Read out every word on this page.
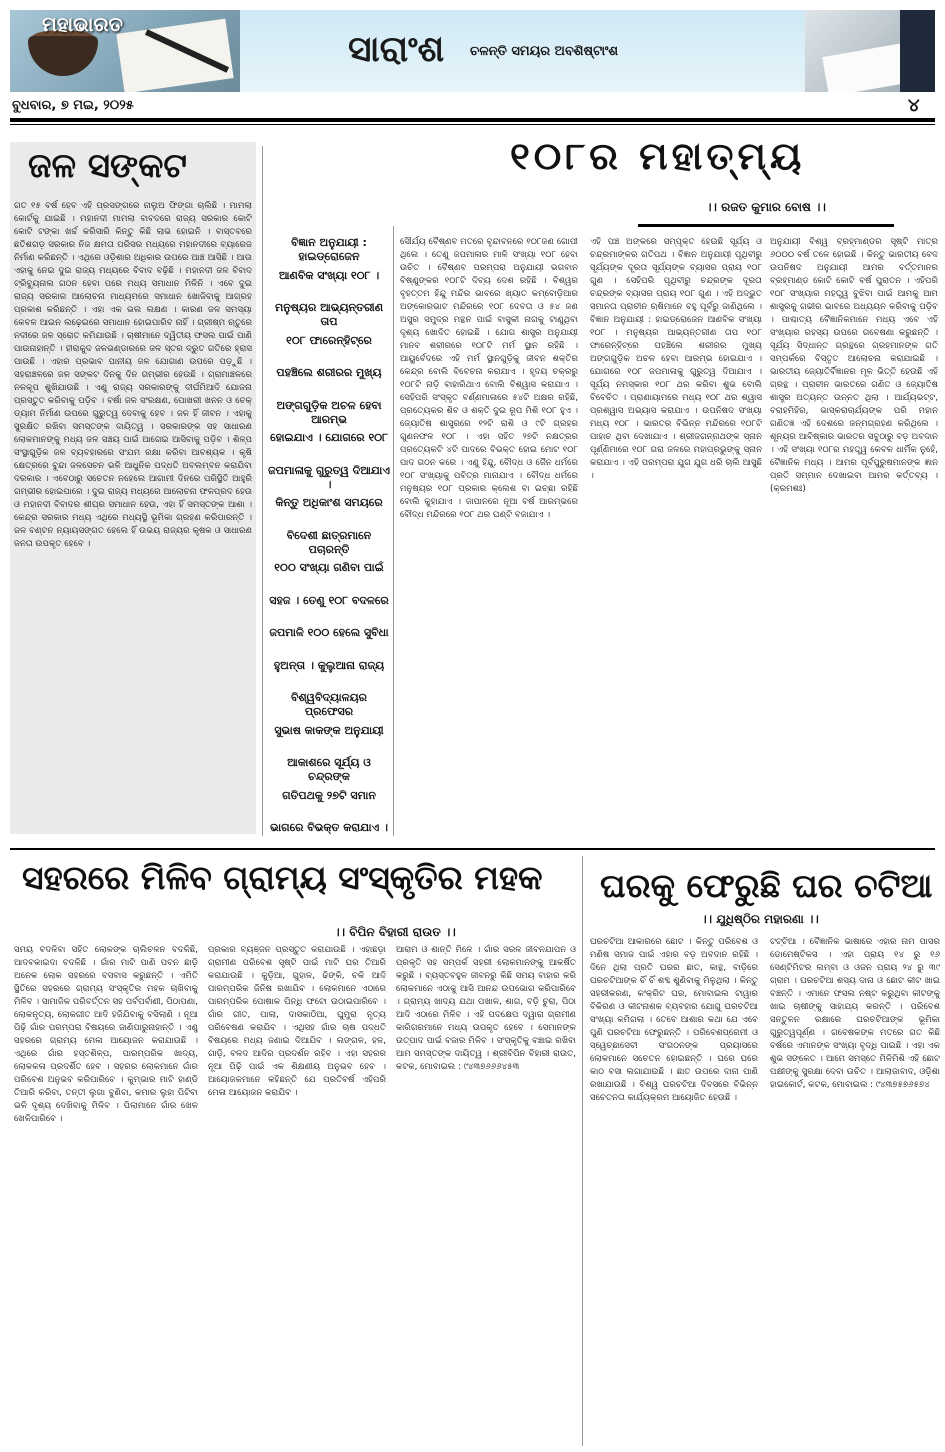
ମହାଭାରତ
ସାରାଂଶ ଚଳନ୍ତି ସମୟର ଅବଶିଷ୍ଟାଂଶ
ବୁଧବାର, ୭ ମଇ, ୨୦୨୫	୪
ଜଳ ସଙ୍କଟ
ଗତ ୧୫ ବର୍ଷ ହେବ ଏହି ପ୍ରସଙ୍ଗରେ ନାଲୁଅ ଫିଙ୍ଗା ଚାଲିଛି । ମାମଲା କୋର୍ଟକୁ ଯାଇଛି । ମହାନଦୀ ମାମଲା ବାବଦରେ ରାଜ୍ୟ ସରକାର କୋଟି କୋଟି ଟଙ୍କା ଖର୍ଚ୍ଚ କରିସାରି କିନ୍ତୁ କିଛି ଲାଭ ହୋଇନି । ବାସ୍ତବରେ ଛତିଶଗଡ଼ ସରକାର ନିଜ କ୍ଷମତା ପରିସର ମଧ୍ୟରେ ମହାନଦୀରେ ବ୍ୟାରେଜ ନିର୍ମାଣ କରିଛନ୍ତି । ଏଥିରେ ଓଡ଼ିଶାର ଅଧିକାର ଉପରେ ଆଞ୍ଚ ଆସିଛି । ଆଉ ଏହାକୁ ନେଇ ଦୁଇ ରାଜ୍ୟ ମଧ୍ୟରେ ବିବାଦ ବଢ଼ିଛି । ମହାନଦୀ ଜଳ ବିବାଦ ଟ୍ରିବ୍ୟୁନାଲ ଗଠନ ହେବା ପରେ ମଧ୍ୟ ସମାଧାନ ମିଳିନି । ଏବେ ଦୁଇ ରାଜ୍ୟ ସରକାର ଆଲୋଚନା ମାଧ୍ୟମରେ ସମାଧାନ ଖୋଜିବାକୁ ଆଗ୍ରହ ପ୍ରକାଶ କରିଛନ୍ତି । ଏହା ଏକ ଭଲ ଲକ୍ଷଣ । କାରଣ ଜଳ ସମସ୍ୟା କେବଳ ଆଇନ ଲଢ଼େଇରେ ସମାଧାନ ହୋଇପାରିବ ନାହିଁ । ଗ୍ରୀଷ୍ମ ଋତୁରେ ନଦୀରେ ଜଳ ସ୍ରୋତ କମିଯାଉଛି । ଚାଷୀମାନେ ଦ୍ୱିତୀୟ ଫସଲ ପାଇଁ ପାଣି ପାଉନାହାନ୍ତି । ହୀରାକୁଦ ଜଳଭଣ୍ଡାରରେ ଜଳ ସ୍ତର ଦ୍ରୁତ ଗତିରେ ହ୍ରାସ ପାଉଛି । ଏହାର ପ୍ରଭାବ ପାନୀୟ ଜଳ ଯୋଗାଣ ଉପରେ ପଡ଼ୁଛି । ସହରାଞ୍ଚଳରେ ଜଳ ସଙ୍କଟ ଦିନକୁ ଦିନ ଗମ୍ଭୀର ହେଉଛି । ଗ୍ରାମାଞ୍ଚଳରେ ନଳକୂପ ଶୁଖିଯାଉଛି । ଏଣୁ ରାଜ୍ୟ ସରକାରଙ୍କୁ ଦୀର୍ଘମିଆଦି ଯୋଜନା ପ୍ରସ୍ତୁତ କରିବାକୁ ପଡ଼ିବ । ବର୍ଷା ଜଳ ସଂରକ୍ଷଣ, ପୋଖରୀ ଖନନ ଓ ଚେକ୍ ଡ୍ୟାମ ନିର୍ମାଣ ଉପରେ ଗୁରୁତ୍ୱ ଦେବାକୁ ହେବ । ଜଳ ହିଁ ଜୀବନ । ଏହାକୁ ସୁରକ୍ଷିତ ରଖିବା ସମସ୍ତଙ୍କ ଦାୟିତ୍ୱ । ସରକାରଙ୍କ ସହ ସାଧାରଣ ଲୋକମାନଙ୍କୁ ମଧ୍ୟ ଜଳ ସଞ୍ଚୟ ପାଇଁ ଆଗେଇ ଆସିବାକୁ ପଡ଼ିବ । ଶିଳ୍ପ ସଂସ୍ଥାଗୁଡ଼ିକ ଜଳ ବ୍ୟବହାରରେ ସଂଯମ ରକ୍ଷା କରିବା ଆବଶ୍ୟକ । କୃଷି କ୍ଷେତ୍ରରେ ବୁନ୍ଦା ଜଳସେଚନ ଭଳି ଆଧୁନିକ ପଦ୍ଧତି ଅବଲମ୍ବନ କରାଯିବା ଦରକାର । ଏବେଠାରୁ ସଚେତନ ନହେଲେ ଆଗାମୀ ଦିନରେ ପରିସ୍ଥିତି ଆହୁରି ଗମ୍ଭୀର ହୋଇପାରେ । ଦୁଇ ରାଜ୍ୟ ମଧ୍ୟରେ ଆଲୋଚନା ଫଳପ୍ରଦ ହେଉ ଓ ମହାନଦୀ ବିବାଦର ଶୀଘ୍ର ସମାଧାନ ହେଉ, ଏହା ହିଁ ସମସ୍ତଙ୍କ ଆଶା । କେନ୍ଦ୍ର ସରକାର ମଧ୍ୟ ଏଥିରେ ମଧ୍ୟସ୍ଥି ଭୂମିକା ଗ୍ରହଣ କରିପାରନ୍ତି । ଜଳ ବଣ୍ଟନ ନ୍ୟାୟସଙ୍ଗତ ହେଲେ ହିଁ ଉଭୟ ରାଜ୍ୟର କୃଷକ ଓ ସାଧାରଣ ଜନତା ଉପକୃତ ହେବେ ।
୧୦୮ର ମହାତ୍ମ୍ୟ
।। ରଜତ କୁମାର ବୋଷ ।।
ବିଜ୍ଞାନ ଅନୁଯାୟୀ : ହାଇଡ୍ରୋଜେନ
ଆଣବିକ ସଂଖ୍ୟା ୧୦୮ ।
ମନୁଷ୍ୟର ଆଭ୍ୟନ୍ତରୀଣ ତାପ
୧୦୮ ଫାରେନ୍‌ହିଟ୍‌ରେ
ପହଞ୍ଚିଲେ ଶରୀରର ମୁଖ୍ୟ
ଅଙ୍ଗଗୁଡ଼ିକ ଅଚଳ ହେବା ଆରମ୍ଭ
ହୋଇଯାଏ । ଯୋଗରେ ୧୦୮
ଜପମାଳାକୁ ଗୁରୁତ୍ୱ ଦିଆଯାଏ ।
କିନ୍ତୁ ଅଧିକାଂଶ ସମୟରେ
ବିଦେଶୀ ଛାତ୍ରମାନେ ପଚାରନ୍ତି
୧୦୦ ସଂଖ୍ୟା ଗଣିବା ପାଇଁ
ସହଜ । ତେଣୁ ୧୦୮ ବଦଳରେ
ଜପମାଳି ୧୦୦ ହେଲେ ସୁବିଧା
ହୁଅନ୍ତା । କୁଲୁଆନା ରାଜ୍ୟ
ବିଶ୍ୱବିଦ୍ୟାଳୟର ପ୍ରଫେସର
ସୁଭାଷ କାକଙ୍କ ଅନୁଯାୟୀ
ଆକାଶରେ ସୂର୍ଯ୍ୟ ଓ ଚନ୍ଦ୍ରଙ୍କ
ଗତିପଥକୁ ୨୭ଟି ସମାନ
ଭାଗରେ ବିଭକ୍ତ କରାଯାଏ ।
ସୌର୍ଯ୍ୟ ବୈଷ୍ଣବ ମତରେ ବୃନ୍ଦାବନରେ ୧୦୮ଜଣ ଗୋପୀ ଥିଲେ । ତେଣୁ ଜପମାଳାର ମାଳି ସଂଖ୍ୟା ୧୦୮ ହେବା ଉଚିତ । ବୈଷ୍ଣବ ପରମ୍ପରା ଅନୁଯାୟୀ ଭଗବାନ ବିଷ୍ଣୁଙ୍କର ୧୦୮ଟି ଦିବ୍ୟ ଦେଶ ରହିଛି । ବିଶ୍ୱର ବୃହତ୍ତମ ହିନ୍ଦୁ ମନ୍ଦିର ଭାବରେ ଖ୍ୟାତ କମ୍ବୋଡ଼ିଆର ଅଙ୍କୋରଭାଟ ମନ୍ଦିରରେ ୧୦୮ ଦେବତା ଓ ୫୪ ଜଣ ଅସୁର ସମୁଦ୍ର ମନ୍ଥନ ପାଇଁ ବାସୁକୀ ନାଗକୁ ଟାଣୁଥିବା ଦୃଶ୍ୟ ଖୋଦିତ ହୋଇଛି । ଯୋଗ ଶାସ୍ତ୍ର ଅନୁଯାୟୀ ମାନବ ଶରୀରରେ ୧୦୮ଟି ମର୍ମ ସ୍ଥାନ ରହିଛି । ଆୟୁର୍ବେଦରେ ଏହି ମର୍ମ ସ୍ଥାନଗୁଡ଼ିକୁ ଜୀବନ ଶକ୍ତିର କେନ୍ଦ୍ର ବୋଲି ବିବେଚନା କରାଯାଏ । ହୃଦୟ ଚକ୍ରରୁ ୧୦୮ଟି ନାଡ଼ି ବାହାରିଥାଏ ବୋଲି ବିଶ୍ୱାସ କରାଯାଏ । ସେହିପରି ସଂସ୍କୃତ ବର୍ଣ୍ଣମାଳାରେ ୫୪ଟି ଅକ୍ଷର ରହିଛି, ପ୍ରତ୍ୟେକର ଶିବ ଓ ଶକ୍ତି ଦୁଇ ରୂପ ମିଶି ୧୦୮ ହୁଏ । ଜ୍ୟୋତିଷ ଶାସ୍ତ୍ରରେ ୧୨ଟି ରାଶି ଓ ୯ଟି ଗ୍ରହର ଗୁଣନଫଳ ୧୦୮ । ଏହା ସହିତ ୨୭ଟି ନକ୍ଷତ୍ରର ପ୍ରତ୍ୟେକଟି ୪ଟି ପାଦରେ ବିଭକ୍ତ ହୋଇ ମୋଟ ୧୦୮ ପାଦ ଗଠନ କରେ । ଏଣୁ ହିନ୍ଦୁ, ବୌଦ୍ଧ ଓ ଜୈନ ଧର୍ମରେ ୧୦୮ ସଂଖ୍ୟାକୁ ପବିତ୍ର ମାନାଯାଏ । ବୌଦ୍ଧ ଧର୍ମରେ ମନୁଷ୍ୟର ୧୦୮ ପ୍ରକାର କ୍ଲେଶ ବା ଇଚ୍ଛା ରହିଛି ବୋଲି କୁହାଯାଏ । ଜାପାନରେ ନୂଆ ବର୍ଷ ଆରମ୍ଭରେ ବୌଦ୍ଧ ମନ୍ଦିରରେ ୧୦୮ ଥର ଘଣ୍ଟି ବଜାଯାଏ ।
ଏହି ପଞ୍ଚ ଅଙ୍କରେ ସମ୍ପୃକ୍ତ ହେଉଛି ସୂର୍ଯ୍ୟ ଓ ଚନ୍ଦ୍ରମାଙ୍କର ଗତିପଥ । ବିଜ୍ଞାନ ଅନୁଯାୟୀ ପୃଥିବୀରୁ ସୂର୍ଯ୍ୟଙ୍କ ଦୂରତା ସୂର୍ଯ୍ୟଙ୍କ ବ୍ୟାସର ପ୍ରାୟ ୧୦୮ ଗୁଣ । ସେହିପରି ପୃଥିବୀରୁ ଚନ୍ଦ୍ରଙ୍କ ଦୂରତା ଚନ୍ଦ୍ରଙ୍କ ବ୍ୟାସର ପ୍ରାୟ ୧୦୮ ଗୁଣ । ଏହି ଅଦ୍ଭୁତ ସମାନତା ପ୍ରାଚୀନ ଋଷିମାନେ ବହୁ ପୂର୍ବରୁ ଜାଣିଥିଲେ । ବିଜ୍ଞାନ ଅନୁଯାୟୀ : ହାଇଡ୍ରୋଜେନ ଆଣବିକ ସଂଖ୍ୟା ୧୦୮ । ମନୁଷ୍ୟର ଆଭ୍ୟନ୍ତରୀଣ ତାପ ୧୦୮ ଫାରେନ୍‌ହିଟ୍‌ରେ ପହଞ୍ଚିଲେ ଶରୀରର ମୁଖ୍ୟ ଅଙ୍ଗଗୁଡ଼ିକ ଅଚଳ ହେବା ଆରମ୍ଭ ହୋଇଯାଏ । ଯୋଗରେ ୧୦୮ ଜପମାଳାକୁ ଗୁରୁତ୍ୱ ଦିଆଯାଏ । ସୂର୍ଯ୍ୟ ନମସ୍କାର ୧୦୮ ଥର କରିବା ଶୁଭ ବୋଲି ବିବେଚିତ । ପ୍ରାଣାୟାମରେ ମଧ୍ୟ ୧୦୮ ଥର ଶ୍ୱାସ ପ୍ରଶ୍ୱାସ ଅଭ୍ୟାସ କରାଯାଏ । ଉପନିଷଦ ସଂଖ୍ୟା ମଧ୍ୟ ୧୦୮ । ଭାରତର ବିଭିନ୍ନ ମନ୍ଦିରରେ ୧୦୮ଟି ପାହାଚ ଥିବା ଦେଖାଯାଏ । ଶ୍ରୀଜଗନ୍ନାଥଙ୍କ ସ୍ନାନ ପୂର୍ଣ୍ଣିମାରେ ୧୦୮ ଗରା ଜଳରେ ମହାପ୍ରଭୁଙ୍କୁ ସ୍ନାନ କରାଯାଏ । ଏହି ପରମ୍ପରା ଯୁଗ ଯୁଗ ଧରି ଚାଲି ଆସୁଛି ।
ଅନୁଯାୟୀ ବିଶ୍ୱ ବ୍ରହ୍ମାଣ୍ଡର ସୃଷ୍ଟି ମାତ୍ର ୬୦୦୦ ବର୍ଷ ତଳେ ହୋଇଛି । କିନ୍ତୁ ଭାରତୀୟ ବେଦ ଉପନିଷଦ ଅନୁଯାୟୀ ଆମର ବର୍ତ୍ତମାନର ବ୍ରହ୍ମାଣ୍ଡ କୋଟି କୋଟି ବର୍ଷ ପୁରାତନ । ଏହିପରି ୧୦୮ ସଂଖ୍ୟାର ମହତ୍ତ୍ୱ ବୁଝିବା ପାଇଁ ଆମକୁ ଆମ ଶାସ୍ତ୍ରକୁ ଗଭୀର ଭାବରେ ଅଧ୍ୟୟନ କରିବାକୁ ପଡ଼ିବ । ପାଶ୍ଚାତ୍ୟ ବୈଜ୍ଞାନିକମାନେ ମଧ୍ୟ ଏବେ ଏହି ସଂଖ୍ୟାର ରହସ୍ୟ ଉପରେ ଗବେଷଣା କରୁଛନ୍ତି । ସୂର୍ଯ୍ୟ ସିଦ୍ଧାନ୍ତ ଗ୍ରନ୍ଥରେ ଗ୍ରହମାନଙ୍କ ଗତି ସମ୍ପର୍କରେ ବିସ୍ତୃତ ଆଲୋଚନା କରାଯାଇଛି । ଭାରତୀୟ ଜ୍ୟୋତିର୍ବିଜ୍ଞାନର ମୂଳ ଭିତ୍ତି ହେଉଛି ଏହି ଗ୍ରନ୍ଥ । ପ୍ରାଚୀନ ଭାରତରେ ଗଣିତ ଓ ଜ୍ୟୋତିଷ ଶାସ୍ତ୍ର ଅତ୍ୟନ୍ତ ଉନ୍ନତ ଥିଲା । ଆର୍ଯ୍ୟଭଟ୍ଟ, ବରାହମିହିର, ଭାସ୍କରାଚାର୍ଯ୍ୟଙ୍କ ପରି ମହାନ ଗଣିତଜ୍ଞ ଏହି ଦେଶରେ ଜନ୍ମଗ୍ରହଣ କରିଥିଲେ । ଶୂନ୍ୟର ଆବିଷ୍କାର ଭାରତର ସବୁଠାରୁ ବଡ଼ ଅବଦାନ । ଏହି ସଂଖ୍ୟା ୧୦୮ର ମହତ୍ତ୍ୱ କେବଳ ଧାର୍ମିକ ନୁହେଁ, ବୈଜ୍ଞାନିକ ମଧ୍ୟ । ଆମର ପୂର୍ବପୁରୁଷମାନଙ୍କ ଜ୍ଞାନ ପ୍ରତି ସମ୍ମାନ ଦେଖାଇବା ଆମର କର୍ତ୍ତବ୍ୟ । (କ୍ରମଶଃ)
ସହରରେ ମିଳିବ ଗ୍ରାମ୍ୟ ସଂସ୍କୃତିର ମହକ
।। ବିପିନ ବିହାରୀ ରାଉତ ।।
ସମୟ ବଦଳିବା ସହିତ ଲୋକଙ୍କ ଚାଲିଚଳନ ବଦଳିଛି, ଆଦବକାଇଦା ବଦଳିଛି । ଗାଁର ମାଟି ପାଣି ପବନ ଛାଡ଼ି ଅନେକ ଲୋକ ସହରରେ ବସବାସ କରୁଛନ୍ତି । ଏମିତି ସ୍ଥିତିରେ ସହରରେ ଗ୍ରାମ୍ୟ ସଂସ୍କୃତିର ମହକ ଚାଖିବାକୁ ମିଳିବ । ସାମାଜିକ ପରିବର୍ତ୍ତନ ସହ ପର୍ବପର୍ବାଣୀ, ପିଠାପଣା, ଲୋକନୃତ୍ୟ, ଲୋକଗୀତ ଆଦି ହଜିଯିବାକୁ ବସିଲାଣି । ନୂଆ ପିଢ଼ି ଗାଁର ପରମ୍ପରା ବିଷୟରେ ଜାଣିପାରୁନାହାନ୍ତି । ଏଣୁ ସହରରେ ଗ୍ରାମ୍ୟ ମେଳା ଆୟୋଜନ କରାଯାଉଛି । ଏଥିରେ ଗାଁର ହସ୍ତଶିଳ୍ପ, ପାରମ୍ପରିକ ଖାଦ୍ୟ, ଲୋକକଳା ପ୍ରଦର୍ଶିତ ହେବ । ସହରର ଲୋକମାନେ ଗାଁର ପରିବେଶ ଅନୁଭବ କରିପାରିବେ । କୁମ୍ଭାର ମାଟି ହାଣ୍ଡି ତିଆରି କରିବା, ତନ୍ତୀ ଲୁଗା ବୁଣିବା, କମାର ଲୁହା ପିଟିବା ଭଳି ଦୃଶ୍ୟ ଦେଖିବାକୁ ମିଳିବ । ପିଲାମାନେ ଗାଁର ଖେଳ ଖେଳିପାରିବେ ।
ପ୍ରକାର ବ୍ୟଞ୍ଜନ ପ୍ରସ୍ତୁତ କରାଯାଉଛି । ଏହାଛଡ଼ା ଗ୍ରାମୀଣ ପରିବେଶ ସୃଷ୍ଟି ପାଇଁ ମାଟି ଘର ତିଆରି କରାଯାଉଛି । କୁଡ଼ିଆ, ଗୁହାଳ, ଢିଙ୍କି, ଚକି ଆଦି ପାରମ୍ପରିକ ଜିନିଷ ରଖାଯିବ । ଲୋକମାନେ ଏଠାରେ ପାରମ୍ପରିକ ପୋଷାକ ପିନ୍ଧି ଫଟୋ ଉଠାଇପାରିବେ । ଗାଁର ଗୀତ, ପାଲା, ଦାସକାଠିଆ, ଘୁମୁରା ନୃତ୍ୟ ପରିବେଷଣ କରାଯିବ । ଏଥିସହ ଗାଁର ଚାଷ ପଦ୍ଧତି ବିଷୟରେ ମଧ୍ୟ ଜଣାଇ ଦିଆଯିବ । ଲଙ୍ଗଳ, ହଳ, ଗାଡ଼ି, ବଳଦ ଆଦିର ପ୍ରଦର୍ଶନ ରହିବ । ଏହା ସହରର ନୂଆ ପିଢ଼ି ପାଇଁ ଏକ ଶିକ୍ଷଣୀୟ ଅନୁଭବ ହେବ । ଆୟୋଜକମାନେ କହିଛନ୍ତି ଯେ ପ୍ରତିବର୍ଷ ଏହିପରି ମେଳା ଆୟୋଜନ କରାଯିବ ।
ଆରାମ ଓ ଶାନ୍ତି ମିଳେ । ଗାଁର ସରଳ ଜୀବନଯାପନ ଓ ପ୍ରକୃତି ସହ ସମ୍ପର୍କ ସହରୀ ଲୋକମାନଙ୍କୁ ଆକର୍ଷିତ କରୁଛି । ବ୍ୟସ୍ତବହୁଳ ଜୀବନରୁ କିଛି ସମୟ ବାହାର କରି ଲୋକମାନେ ଏଠାକୁ ଆସି ଆନନ୍ଦ ଉପଭୋଗ କରିପାରିବେ । ଗ୍ରାମ୍ୟ ଖାଦ୍ୟ ଯଥା ପଖାଳ, ଶାଗ, ବଡ଼ି ଚୁରା, ପିଠା ଆଦି ଏଠାରେ ମିଳିବ । ଏହି ପଦକ୍ଷେପ ଦ୍ୱାରା ଗ୍ରାମୀଣ କାରିଗରମାନେ ମଧ୍ୟ ଉପକୃତ ହେବେ । ସେମାନଙ୍କ ଉତ୍ପାଦ ପାଇଁ ବଜାର ମିଳିବ । ସଂସ୍କୃତିକୁ ବଞ୍ଚାଇ ରଖିବା ଆମ ସମସ୍ତଙ୍କ ଦାୟିତ୍ୱ । ଶ୍ରୀବିପିନ ବିହାରୀ ରାଉତ, କଟକ, ମୋବାଇଲ : ୯୪୩୭୬୬୬୪୫୩
ଘରକୁ ଫେରୁଛି ଘର ଚଟିଆ
।। ଯୁଧିଷ୍ଠିର ମହାରଣା ।।
ଘରଚଟିଆ ଆକାରରେ ଛୋଟ । କିନ୍ତୁ ପରିବେଶ ଓ ମଣିଷ ସମାଜ ପାଇଁ ଏହାର ବଡ଼ ଅବଦାନ ରହିଛି । ଦିନେ ଥିଲା ପ୍ରତି ଘରର ଛାତ, କାନ୍ଥ, ବାଡ଼ିରେ ଘରଚଟିଆଙ୍କ ଚିଁ ଚିଁ ଶବ୍ଦ ଶୁଣିବାକୁ ମିଳୁଥିଲା । କିନ୍ତୁ ସହରୀକରଣ, କଂକ୍ରିଟ ଘର, ମୋବାଇଲ ଟାୱାର ବିକିରଣ ଓ କୀଟନାଶକ ବ୍ୟବହାର ଯୋଗୁ ଘରଚଟିଆ ସଂଖ୍ୟା କମିଗଲା । ତେବେ ଆଶାର କଥା ଯେ ଏବେ ପୁଣି ଘରଚଟିଆ ଫେରୁଛନ୍ତି । ପରିବେଶପ୍ରେମୀ ଓ ସ୍ୱେଚ୍ଛାସେବୀ ସଂଗଠନଙ୍କ ପ୍ରୟାସରେ ଲୋକମାନେ ସଚେତନ ହୋଇଛନ୍ତି । ଘରେ ଘରେ କାଠ ବସା ଲଗାଯାଉଛି । ଛାତ ଉପରେ ଦାନା ପାଣି ରଖାଯାଉଛି । ବିଶ୍ୱ ଘରଚଟିଆ ଦିବସରେ ବିଭିନ୍ନ ସଚେତନତା କାର୍ଯ୍ୟକ୍ରମ ଆୟୋଜିତ ହେଉଛି ।
ଟଟ୍ଟିଆ । ବୈଜ୍ଞାନିକ ଭାଷାରେ ଏହାର ନାମ ପାସର ଡୋମେଷ୍ଟିକସ । ଏହା ପ୍ରାୟ ୧୪ ରୁ ୧୬ ସେଣ୍ଟିମିଟର ଲମ୍ବା ଓ ଓଜନ ପ୍ରାୟ ୨୪ ରୁ ୩୯ ଗ୍ରାମ । ଘରଚଟିଆ ଶସ୍ୟ ଦାନା ଓ ଛୋଟ କୀଟ ଖାଇ ବଞ୍ଚନ୍ତି । ଏମାନେ ଫସଲ ନଷ୍ଟ କରୁଥିବା କୀଟଙ୍କୁ ଖାଇ ଚାଷୀଙ୍କୁ ସାହାଯ୍ୟ କରନ୍ତି । ପରିବେଶ ସନ୍ତୁଳନ ରକ୍ଷାରେ ଘରଚଟିଆଙ୍କ ଭୂମିକା ଗୁରୁତ୍ୱପୂର୍ଣ୍ଣ । ଗବେଷକଙ୍କ ମତରେ ଗତ କିଛି ବର୍ଷରେ ଏମାନଙ୍କ ସଂଖ୍ୟା ବୃଦ୍ଧି ପାଇଛି । ଏହା ଏକ ଶୁଭ ସଙ୍କେତ । ଆମେ ସମସ୍ତେ ମିଳିମିଶି ଏହି ଛୋଟ ପକ୍ଷୀଙ୍କୁ ସୁରକ୍ଷା ଦେବା ଉଚିତ । ଆଲାଜାବାଦ, ଓଡ଼ିଶା ହାଇକୋର୍ଟ, କଟକ, ମୋବାଇଲ : ୯୪୩୭୫୭୬୫୭୪
